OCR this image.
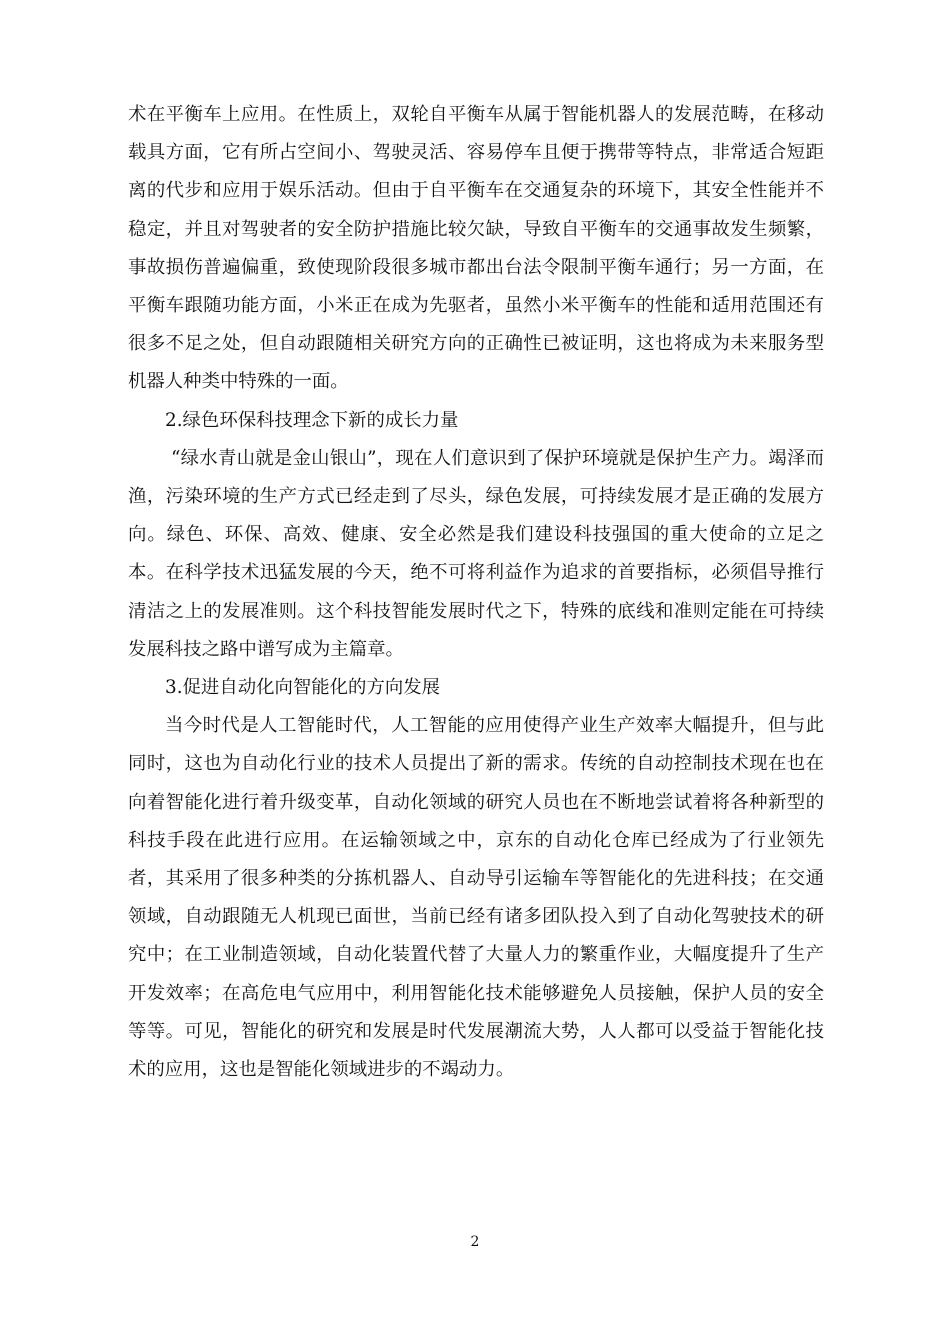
术在平衡车上应用。在性质上，双轮自平衡车从属于智能机器人的发展范畴，在移动载具方面，它有所占空间小、驾驶灵活、容易停车且便于携带等特点，非常适合短距离的代步和应用于娱乐活动。但由于自平衡车在交通复杂的环境下，其安全性能并不稳定，并且对驾驶者的安全防护措施比较欠缺，导致自平衡车的交通事故发生频繁，事故损伤普遍偏重，致使现阶段很多城市都出台法令限制平衡车通行；另一方面，在平衡车跟随功能方面，小米正在成为先驱者，虽然小米平衡车的性能和适用范围还有很多不足之处，但自动跟随相关研究方向的正确性已被证明，这也将成为未来服务型机器人种类中特殊的一面。

2.绿色环保科技理念下新的成长力量

“绿水青山就是金山银山”，现在人们意识到了保护环境就是保护生产力。竭泽而渔，污染环境的生产方式已经走到了尽头，绿色发展，可持续发展才是正确的发展方向。绿色、环保、高效、健康、安全必然是我们建设科技强国的重大使命的立足之本。在科学技术迅猛发展的今天，绝不可将利益作为追求的首要指标，必须倡导推行清洁之上的发展准则。这个科技智能发展时代之下，特殊的底线和准则定能在可持续发展科技之路中谱写成为主篇章。

3.促进自动化向智能化的方向发展

当今时代是人工智能时代，人工智能的应用使得产业生产效率大幅提升，但与此同时，这也为自动化行业的技术人员提出了新的需求。传统的自动控制技术现在也在向着智能化进行着升级变革，自动化领域的研究人员也在不断地尝试着将各种新型的科技手段在此进行应用。在运输领域之中，京东的自动化仓库已经成为了行业领先者，其采用了很多种类的分拣机器人、自动导引运输车等智能化的先进科技；在交通领域，自动跟随无人机现已面世，当前已经有诸多团队投入到了自动化驾驶技术的研究中；在工业制造领域，自动化装置代替了大量人力的繁重作业，大幅度提升了生产开发效率；在高危电气应用中，利用智能化技术能够避免人员接触，保护人员的安全等等。可见，智能化的研究和发展是时代发展潮流大势，人人都可以受益于智能化技术的应用，这也是智能化领域进步的不竭动力。

2
